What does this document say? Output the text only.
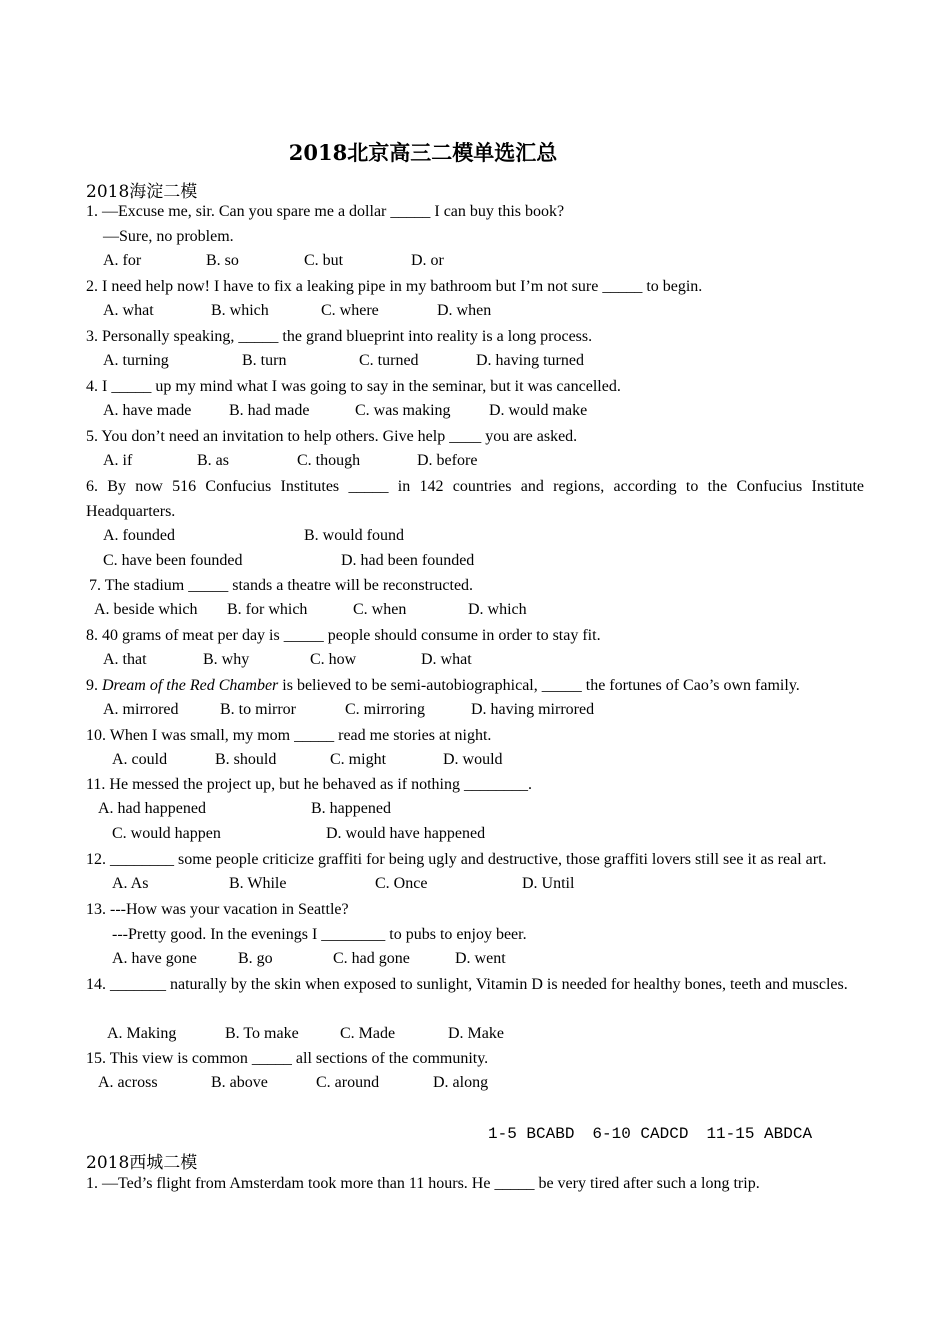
2018北京高三二模单选汇总
2018海淀二模
1. —Excuse me, sir. Can you spare me a dollar _____ I can buy this book?
—Sure, no problem.
A. for	B. so	C. but	D. or
2. I need help now! I have to fix a leaking pipe in my bathroom but I’m not sure _____ to begin.
A. what	B. which	C. where	D. when
3. Personally speaking, _____ the grand blueprint into reality is a long process.
A. turning	B. turn	C. turned	D. having turned
4. I _____ up my mind what I was going to say in the seminar, but it was cancelled.
A. have made B. had made	C. was making D. would make
5. You don’t need an invitation to help others. Give help ____ you are asked.
A. if	B. as	C. though	D. before
6. By now 516 Confucius Institutes _____ in 142 countries and regions, according to the Confucius Institute Headquarters.
A. founded	B. would found
C. have been founded	D. had been founded
7. The stadium _____ stands a theatre will be reconstructed.
A. beside which B. for which	C. when	D. which
8. 40 grams of meat per day is _____ people should consume in order to stay fit.
A. that	B. why	C. how	D. what
9. Dream of the Red Chamber is believed to be semi-autobiographical, _____ the fortunes of Cao’s own family.
A. mirrored	B. to mirror	C. mirroring	D. having mirrored
10. When I was small, my mom _____ read me stories at night.
A. could	B. should	C. might	D. would
11. He messed the project up, but he behaved as if nothing ________.
A. had happened	B. happened
C. would happen	D. would have happened
12. ________ some people criticize graffiti for being ugly and destructive, those graffiti lovers still see it as real art.
A. As	B. While	C. Once	D. Until
13. ---How was your vacation in Seattle?
---Pretty good. In the evenings I ________ to pubs to enjoy beer.
A. have gone	B. go	C. had gone	D. went
14. _______ naturally by the skin when exposed to sunlight, Vitamin D is needed for healthy bones, teeth and muscles.
A. Making	B. To make	C. Made	D. Make
15. This view is common _____ all sections of the community.
A. across	B. above	C. around	D. along
1-5 BCABD 6-10 CADCD 11-15 ABDCA
2018西城二模
1. —Ted’s flight from Amsterdam took more than 11 hours. He _____ be very tired after such a long trip.
